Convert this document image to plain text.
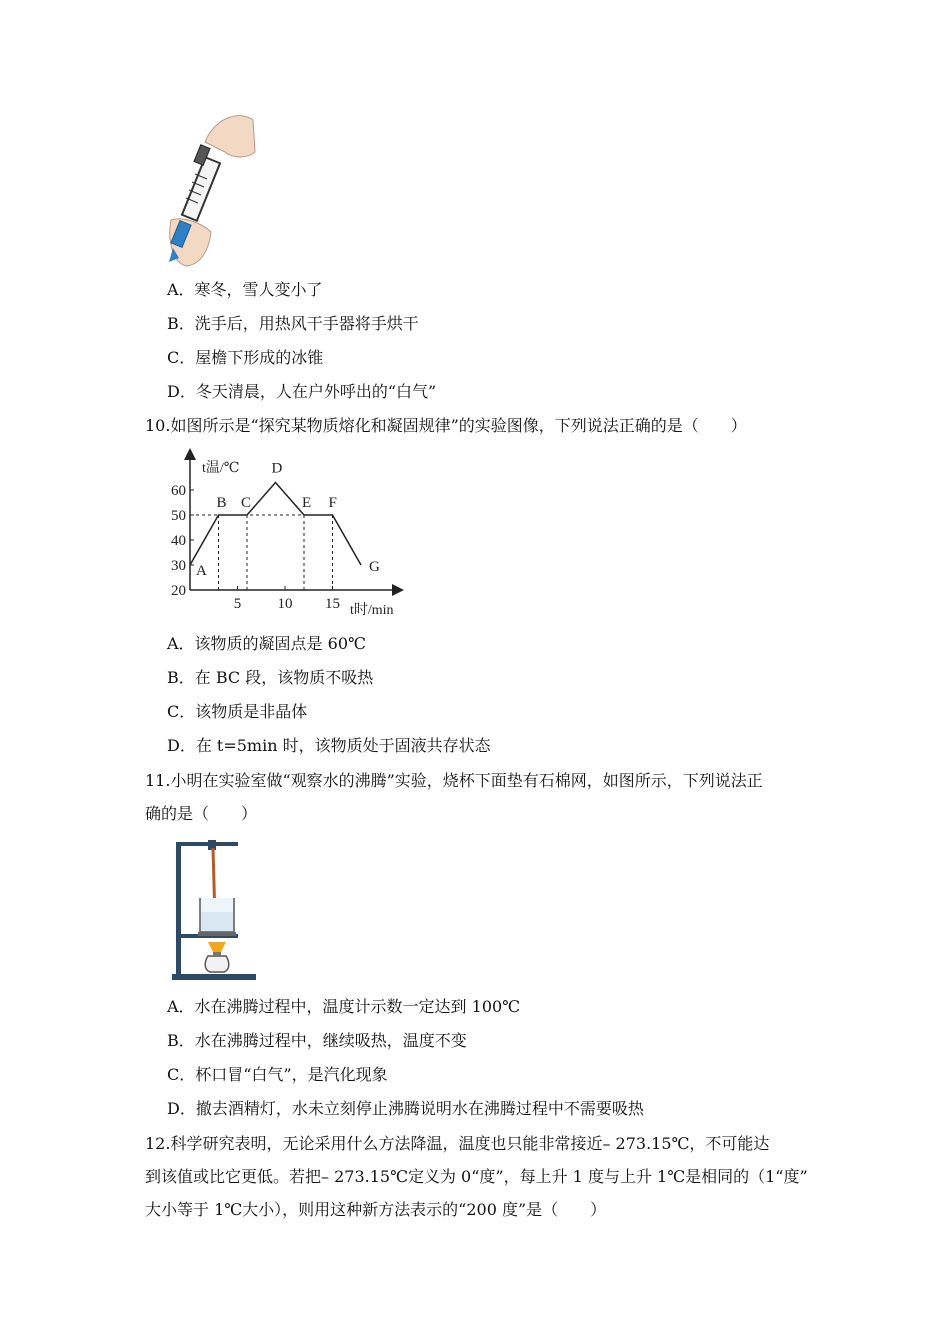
A．寒冬，雪人变小了
B．洗手后，用热风干手器将手烘干
C．屋檐下形成的冰锥
D．冬天清晨，人在户外呼出的“白气”
10.如图所示是“探究某物质熔化和凝固规律”的实验图像，下列说法正确的是（　　）
20
30
40
50
60
5 10 15
A
B C
D
E F
G
t温/℃
t时/min
A．该物质的凝固点是 60℃
B．在 BC 段，该物质不吸热
C．该物质是非晶体
D．在 t=5min 时，该物质处于固液共存状态
11.小明在实验室做“观察水的沸腾”实验，烧杯下面垫有石棉网，如图所示，下列说法正
确的是（　　）
A．水在沸腾过程中，温度计示数一定达到 100℃
B．水在沸腾过程中，继续吸热，温度不变
C．杯口冒“白气”，是汽化现象
D．撤去酒精灯，水未立刻停止沸腾说明水在沸腾过程中不需要吸热
12.科学研究表明，无论采用什么方法降温，温度也只能非常接近– 273.15℃，不可能达
到该值或比它更低。若把– 273.15℃定义为 0“度”，每上升 1 度与上升 1℃是相同的（1“度”
大小等于 1℃大小），则用这种新方法表示的“200 度”是（　　）
